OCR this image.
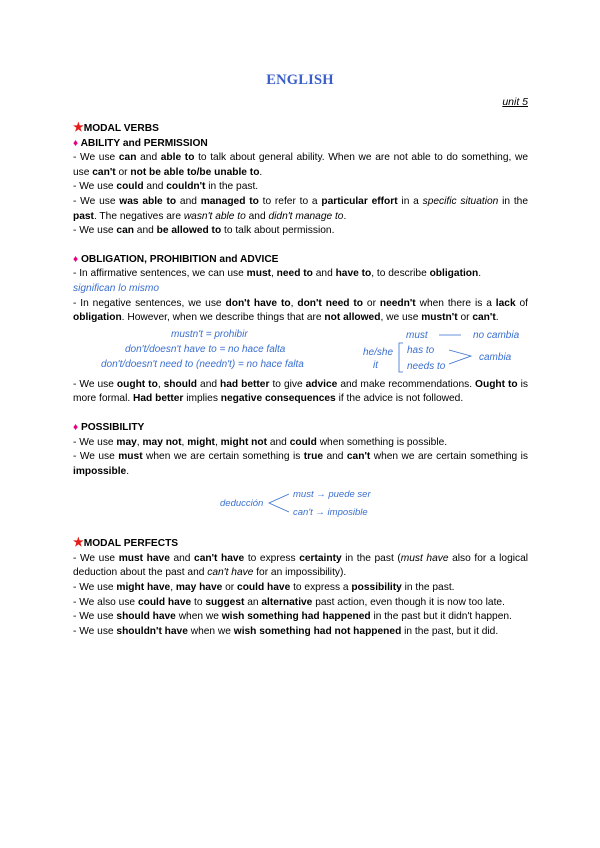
ENGLISH
unit 5
★MODAL VERBS
♦ ABILITY and PERMISSION

- We use can and able to to talk about general ability. When we are not able to do something, we use can't or not be able to/be unable to.

- We use could and couldn't in the past.

- We use was able to and managed to to refer to a particular effort in a specific situation in the past. The negatives are wasn't able to and didn't manage to.

- We use can and be allowed to to talk about permission.

♦ OBLIGATION, PROHIBITION and ADVICE

- In affirmative sentences, we can use must, need to and have to, to describe obligation.

significan lo mismo

- In negative sentences, we use don't have to, don't need to or needn't when there is a lack of obligation. However, when we describe things that are not allowed, we use mustn't or can't.

mustn't = prohibir
don't/doesn't have to = no hace falta
don't/doesn't need to (needn't) = no hace falta
must	no cambia
he/she
it
has to
needs to
cambia

- We use ought to, should and had better to give advice and make recommendations. Ought to is more formal. Had better implies negative consequences if the advice is not followed.

♦ POSSIBILITY

- We use may, may not, might, might not and could when something is possible.

- We use must when we are certain something is true and can't when we are certain something is impossible.

deducción
must → puede ser
can't → imposible
★MODAL PERFECTS

- We use must have and can't have to express certainty in the past (must have also for a logical deduction about the past and can't have for an impossibility).

- We use might have, may have or could have to express a possibility in the past.

- We also use could have to suggest an alternative past action, even though it is now too late.

- We use should have when we wish something had happened in the past but it didn't happen.

- We use shouldn't have when we wish something had not happened in the past, but it did.
